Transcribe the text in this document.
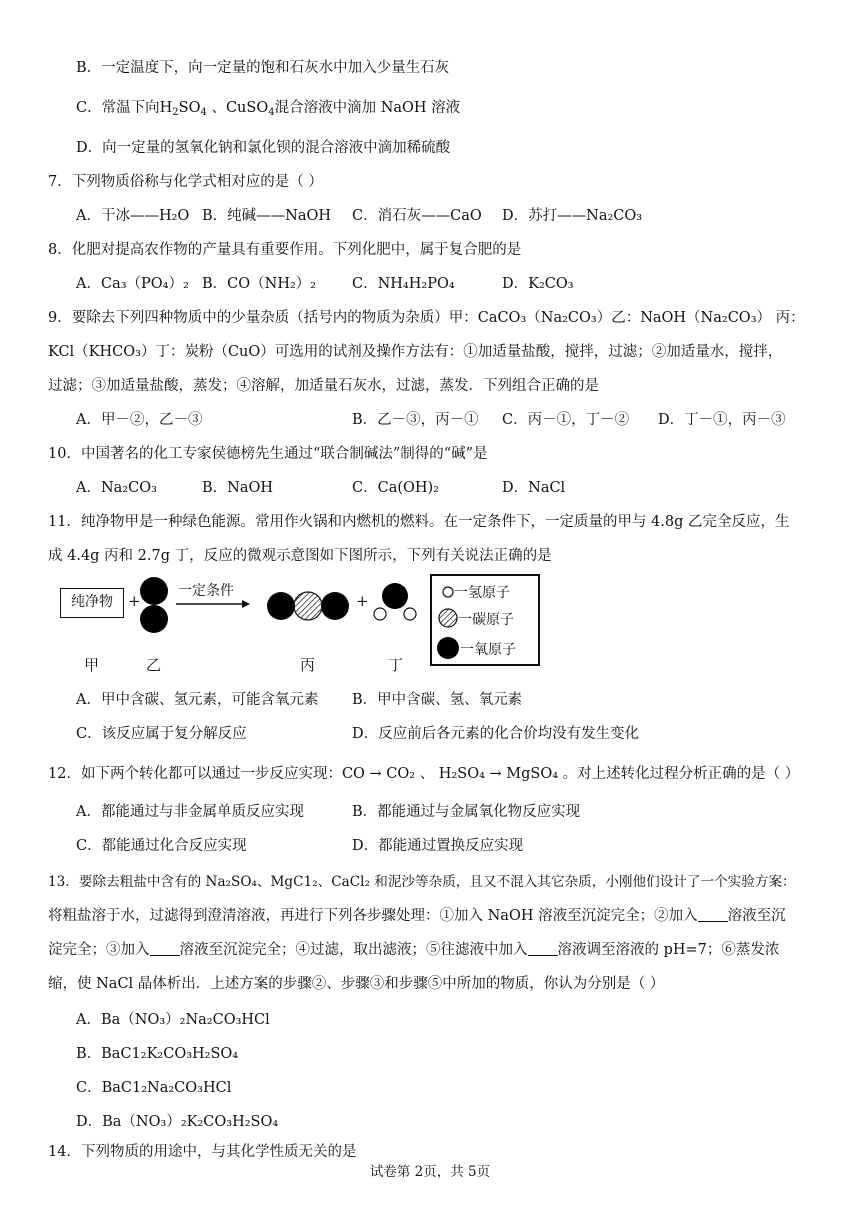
B．一定温度下，向一定量的饱和石灰水中加入少量生石灰
C．常温下向$H_2SO_4$ 、CuSO$_4$混合溶液中滴加 NaOH 溶液
D．向一定量的氢氧化钠和氯化钡的混合溶液中滴加稀硫酸
7．下列物质俗称与化学式相对应的是（ ）
A．干冰——H₂O B．纯碱——NaOH C．消石灰——CaO D．苏打——Na₂CO₃
8．化肥对提高农作物的产量具有重要作用。下列化肥中，属于复合肥的是
A．Ca₃（PO₄）₂ B．CO（NH₂）₂ C．NH₄H₂PO₄	D．K₂CO₃
9．要除去下列四种物质中的少量杂质（括号内的物质为杂质）甲：CaCO₃（Na₂CO₃）乙：NaOH（Na₂CO₃） 丙：
KCl（KHCO₃）丁：炭粉（CuO）可选用的试剂及操作方法有：①加适量盐酸，搅拌，过滤；②加适量水，搅拌，
过滤；③加适量盐酸，蒸发；④溶解，加适量石灰水，过滤，蒸发．下列组合正确的是
A．甲－②，乙－③	B．乙－③，丙－① C．丙－①，丁－② D．丁－①，丙－③
10．中国著名的化工专家侯德榜先生通过“联合制碱法”制得的“碱”是
A．Na₂CO₃	B．NaOH	C．Ca(OH)₂	D．NaCl
11．纯净物甲是一种绿色能源。常用作火锅和内燃机的燃料。在一定条件下，一定质量的甲与 4.8g 乙完全反应，生
成 4.4g 丙和 2.7g 丁，反应的微观示意图如下图所示，下列有关说法正确的是
纯净物	+
一定条件
+
甲	乙	丙	丁
一氢原子
一碳原子
一氧原子
A．甲中含碳、氢元素，可能含氧元素 B．甲中含碳、氢、氧元素
C．该反应属于复分解反应	D．反应前后各元素的化合价均没有发生变化
12．如下两个转化都可以通过一步反应实现：CO → CO₂ 、 H₂SO₄ → MgSO₄ 。对上述转化过程分析正确的是（ ）
A．都能通过与非金属单质反应实现	B．都能通过与金属氧化物反应实现
C．都能通过化合反应实现	D．都能通过置换反应实现
13．要除去粗盐中含有的 Na₂SO₄、MgC1₂、CaCl₂ 和泥沙等杂质，且又不混入其它杂质，小刚他们设计了一个实验方案：
将粗盐溶于水，过滤得到澄清溶液，再进行下列各步骤处理：①加入 NaOH 溶液至沉淀完全；②加入 溶液至沉
淀完全；③加入 溶液至沉淀完全；④过滤，取出滤液；⑤往滤液中加入 溶液调至溶液的 pH=7；⑥蒸发浓
缩，使 NaCl 晶体析出．上述方案的步骤②、步骤③和步骤⑤中所加的物质，你认为分别是（ ）
A．Ba（NO₃）₂Na₂CO₃HCl
B．BaC1₂K₂CO₃H₂SO₄
C．BaC1₂Na₂CO₃HCl
D．Ba（NO₃）₂K₂CO₃H₂SO₄
14．下列物质的用途中，与其化学性质无关的是
试卷第 2页，共 5页
